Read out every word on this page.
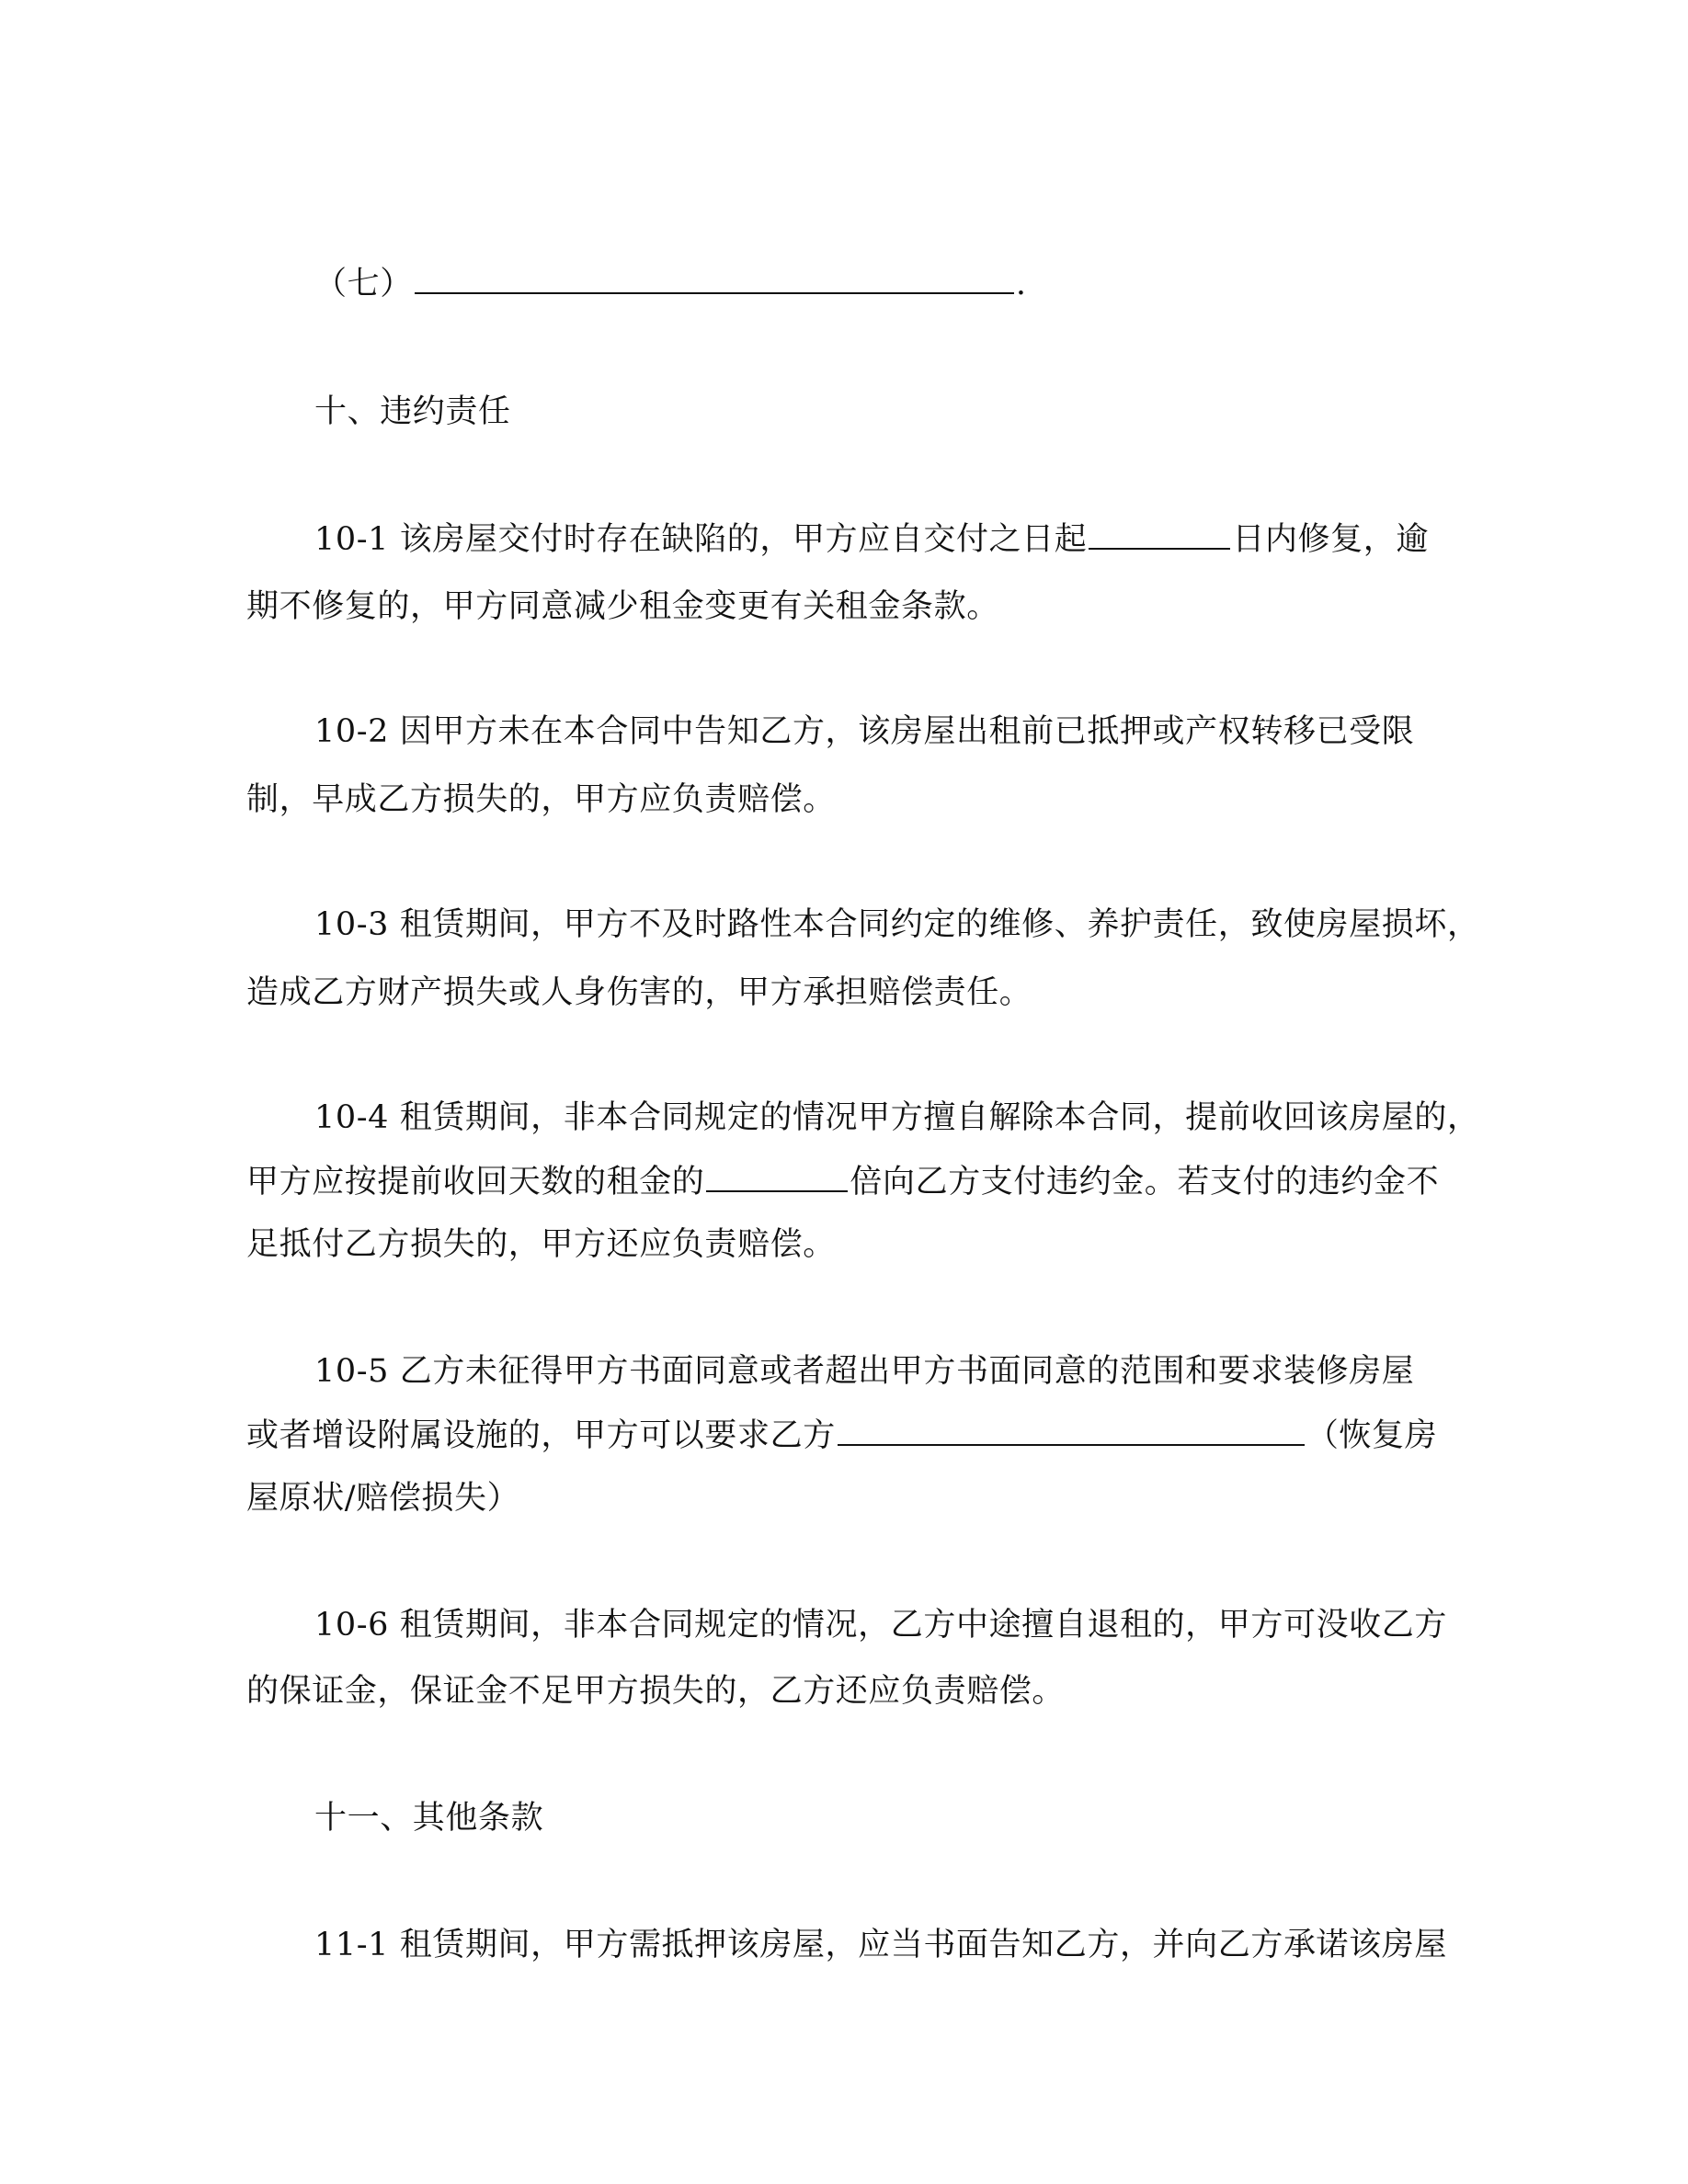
（七）	.
十、违约责任
10-1 该房屋交付时存在缺陷的，甲方应自交付之日起	日内修复，逾
期不修复的，甲方同意减少租金变更有关租金条款。
10-2 因甲方未在本合同中告知乙方，该房屋出租前已抵押或产权转移已受限
制，早成乙方损失的，甲方应负责赔偿。
10-3 租赁期间，甲方不及时路性本合同约定的维修、养护责任，致使房屋损坏，
造成乙方财产损失或人身伤害的，甲方承担赔偿责任。
10-4 租赁期间，非本合同规定的情况甲方擅自解除本合同，提前收回该房屋的，
甲方应按提前收回天数的租金的	倍向乙方支付违约金。若支付的违约金不
足抵付乙方损失的，甲方还应负责赔偿。
10-5 乙方未征得甲方书面同意或者超出甲方书面同意的范围和要求装修房屋
或者增设附属设施的，甲方可以要求乙方	（恢复房
屋原状/赔偿损失）
10-6 租赁期间，非本合同规定的情况，乙方中途擅自退租的，甲方可没收乙方
的保证金，保证金不足甲方损失的，乙方还应负责赔偿。
十一、其他条款
11-1 租赁期间，甲方需抵押该房屋，应当书面告知乙方，并向乙方承诺该房屋
